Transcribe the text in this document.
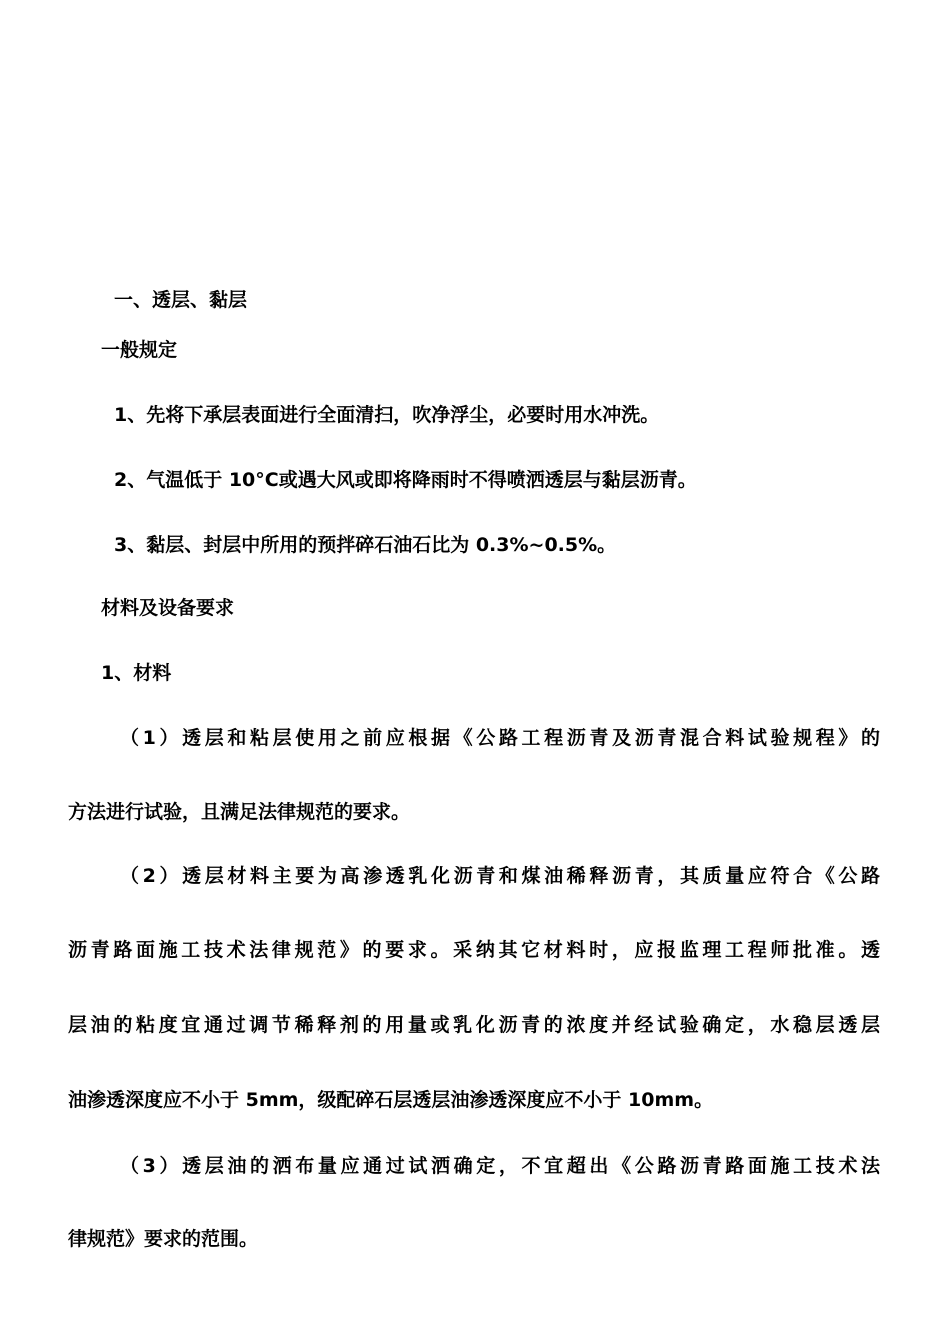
一、透层、黏层
一般规定
1、先将下承层表面进行全面清扫，吹净浮尘，必要时用水冲洗。
2、气温低于 10°C或遇大风或即将降雨时不得喷洒透层与黏层沥青。
3、黏层、封层中所用的预拌碎石油石比为 0.3%~0.5%。
材料及设备要求
1、材料
（1）透层和粘层使用之前应根据《公路工程沥青及沥青混合料试验规程》的
方法进行试验，且满足法律规范的要求。
（2）透层材料主要为高渗透乳化沥青和煤油稀释沥青，其质量应符合《公路
沥青路面施工技术法律规范》的要求。采纳其它材料时，应报监理工程师批准。透
层油的粘度宜通过调节稀释剂的用量或乳化沥青的浓度并经试验确定，水稳层透层
油渗透深度应不小于 5mm，级配碎石层透层油渗透深度应不小于 10mm。
（3）透层油的洒布量应通过试洒确定，不宜超出《公路沥青路面施工技术法
律规范》要求的范围。
